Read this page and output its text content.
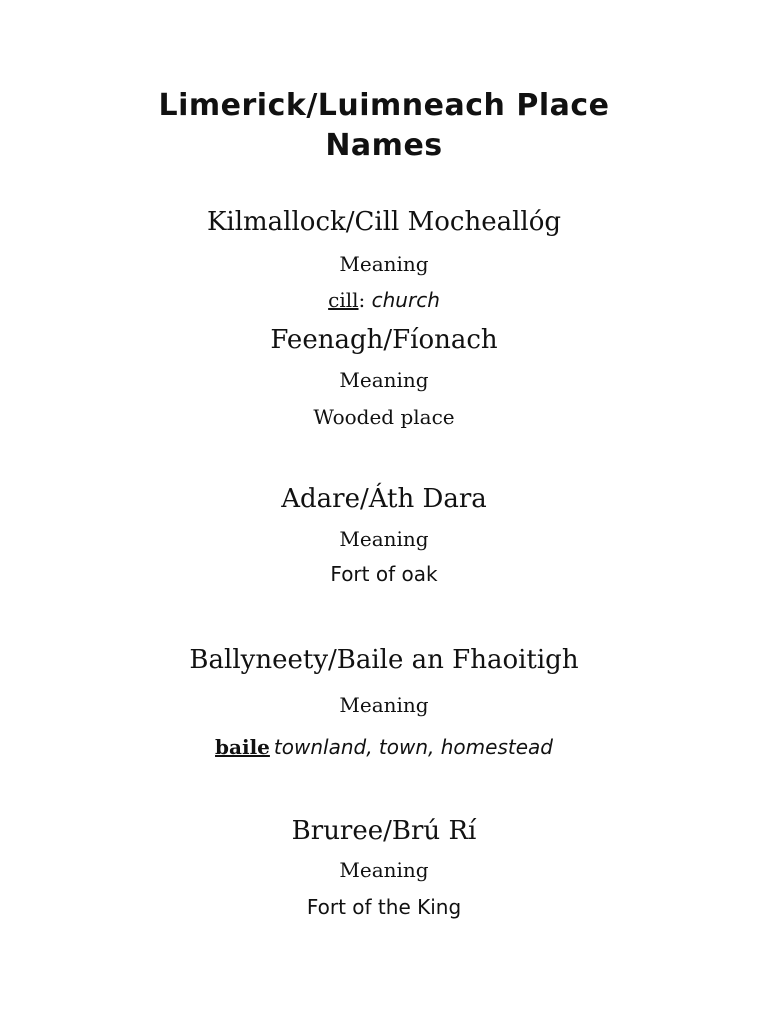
Limerick/Luimneach Place
Names
Kilmallock/Cill Mocheallóg
Meaning
cill: church
Feenagh/Fíonach
Meaning
Wooded place
Adare/Áth Dara
Meaning
Fort of oak
Ballyneety/Baile an Fhaoitigh
Meaning
baile townland, town, homestead
Bruree/Brú Rí
Meaning
Fort of the King
